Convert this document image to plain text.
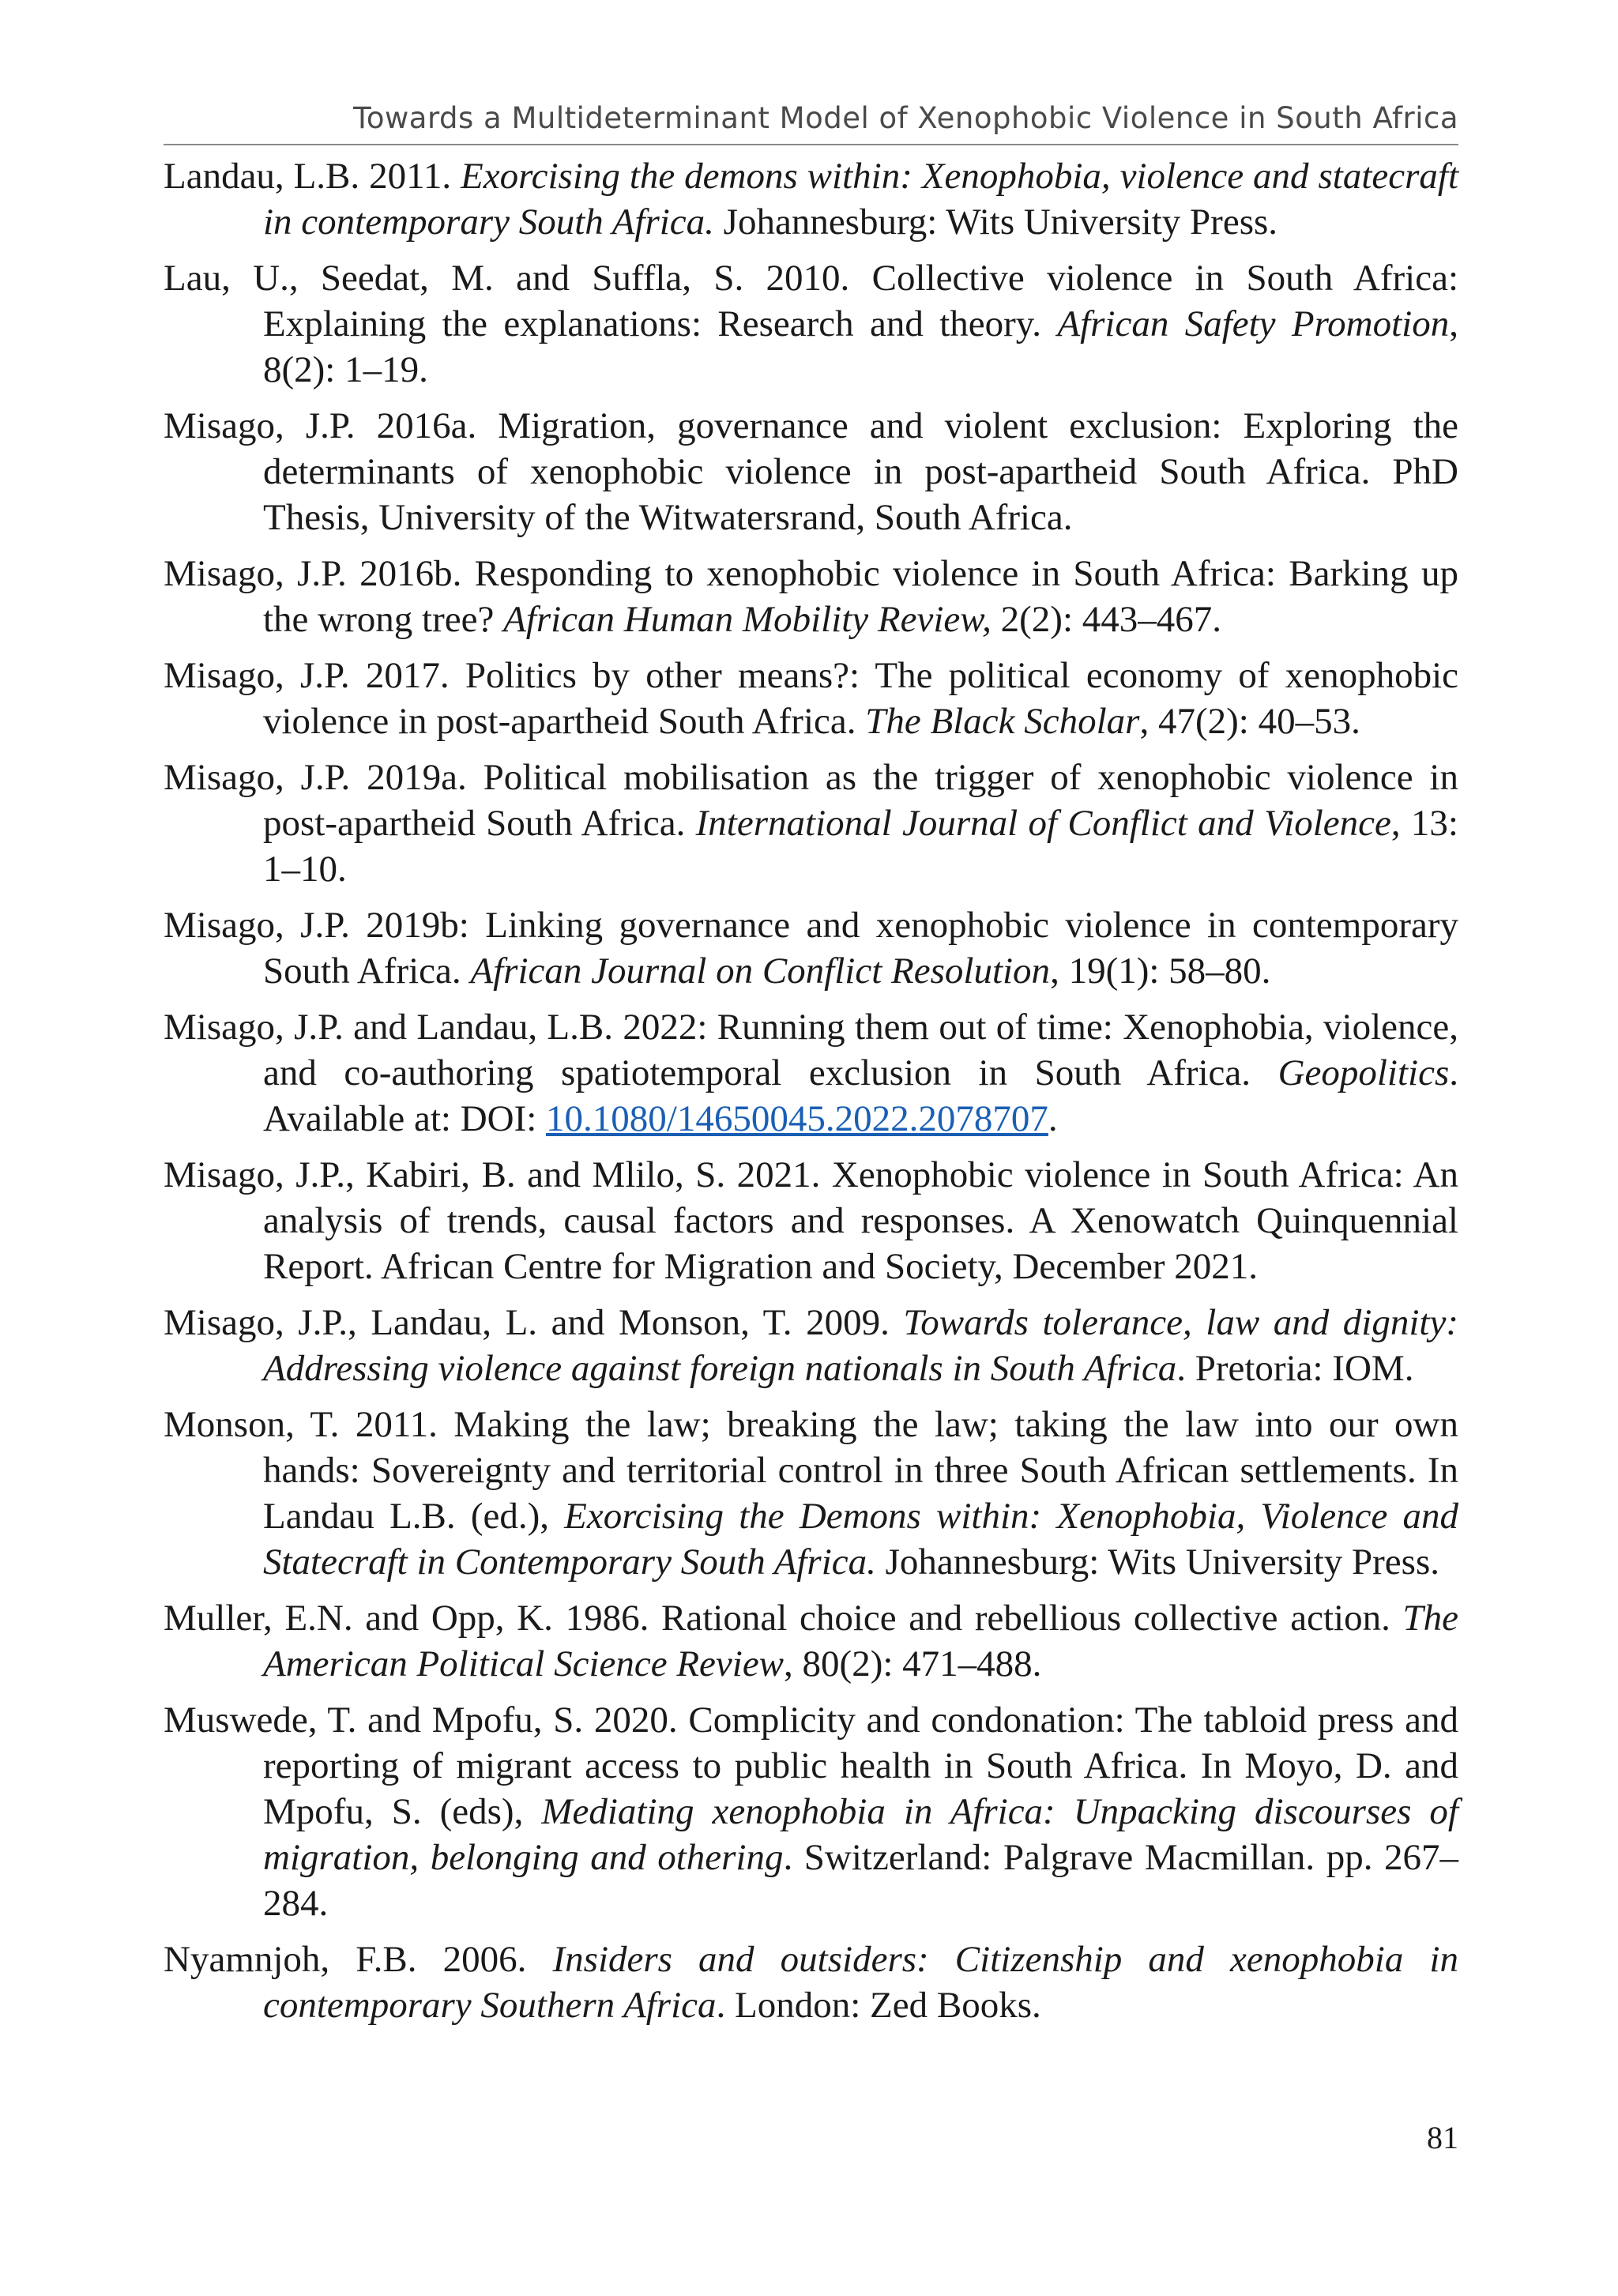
Towards a Multideterminant Model of Xenophobic Violence in South Africa

Landau, L.B. 2011. Exorcising the demons within: Xenophobia, violence and statecraft in contemporary South Africa. Johannesburg: Wits University Press.

Lau, U., Seedat, M. and Suffla, S. 2010. Collective violence in South Africa: Explaining the explanations: Research and theory. African Safety Promotion, 8(2): 1–19.

Misago, J.P. 2016a. Migration, governance and violent exclusion: Exploring the determinants of xenophobic violence in post-apartheid South Africa. PhD Thesis, University of the Witwatersrand, South Africa.

Misago, J.P. 2016b. Responding to xenophobic violence in South Africa: Barking up the wrong tree? African Human Mobility Review, 2(2): 443–467.

Misago, J.P. 2017. Politics by other means?: The political economy of xenophobic violence in post-apartheid South Africa. The Black Scholar, 47(2): 40–53.

Misago, J.P. 2019a. Political mobilisation as the trigger of xenophobic violence in post-apartheid South Africa. International Journal of Conflict and Violence, 13: 1–10.

Misago, J.P. 2019b: Linking governance and xenophobic violence in contemporary South Africa. African Journal on Conflict Resolution, 19(1): 58–80.

Misago, J.P. and Landau, L.B. 2022: Running them out of time: Xenophobia, violence, and co-authoring spatiotemporal exclusion in South Africa. Geopolitics. Available at: DOI: 10.1080/14650045.2022.2078707.

Misago, J.P., Kabiri, B. and Mlilo, S. 2021. Xenophobic violence in South Africa: An analysis of trends, causal factors and responses. A Xenowatch Quinquennial Report. African Centre for Migration and Society, December 2021.

Misago, J.P., Landau, L. and Monson, T. 2009. Towards tolerance, law and dignity: Addressing violence against foreign nationals in South Africa. Pretoria: IOM.

Monson, T. 2011. Making the law; breaking the law; taking the law into our own hands: Sovereignty and territorial control in three South African settlements. In Landau L.B. (ed.), Exorcising the Demons within: Xenophobia, Violence and Statecraft in Contemporary South Africa. Johannesburg: Wits University Press.

Muller, E.N. and Opp, K. 1986. Rational choice and rebellious collective action. The American Political Science Review, 80(2): 471–488.

Muswede, T. and Mpofu, S. 2020. Complicity and condonation: The tabloid press and reporting of migrant access to public health in South Africa. In Moyo, D. and Mpofu, S. (eds), Mediating xenophobia in Africa: Unpacking discourses of migration, belonging and othering. Switzerland: Palgrave Macmillan. pp. 267–284.

Nyamnjoh, F.B. 2006. Insiders and outsiders: Citizenship and xenophobia in contemporary Southern Africa. London: Zed Books.

81
